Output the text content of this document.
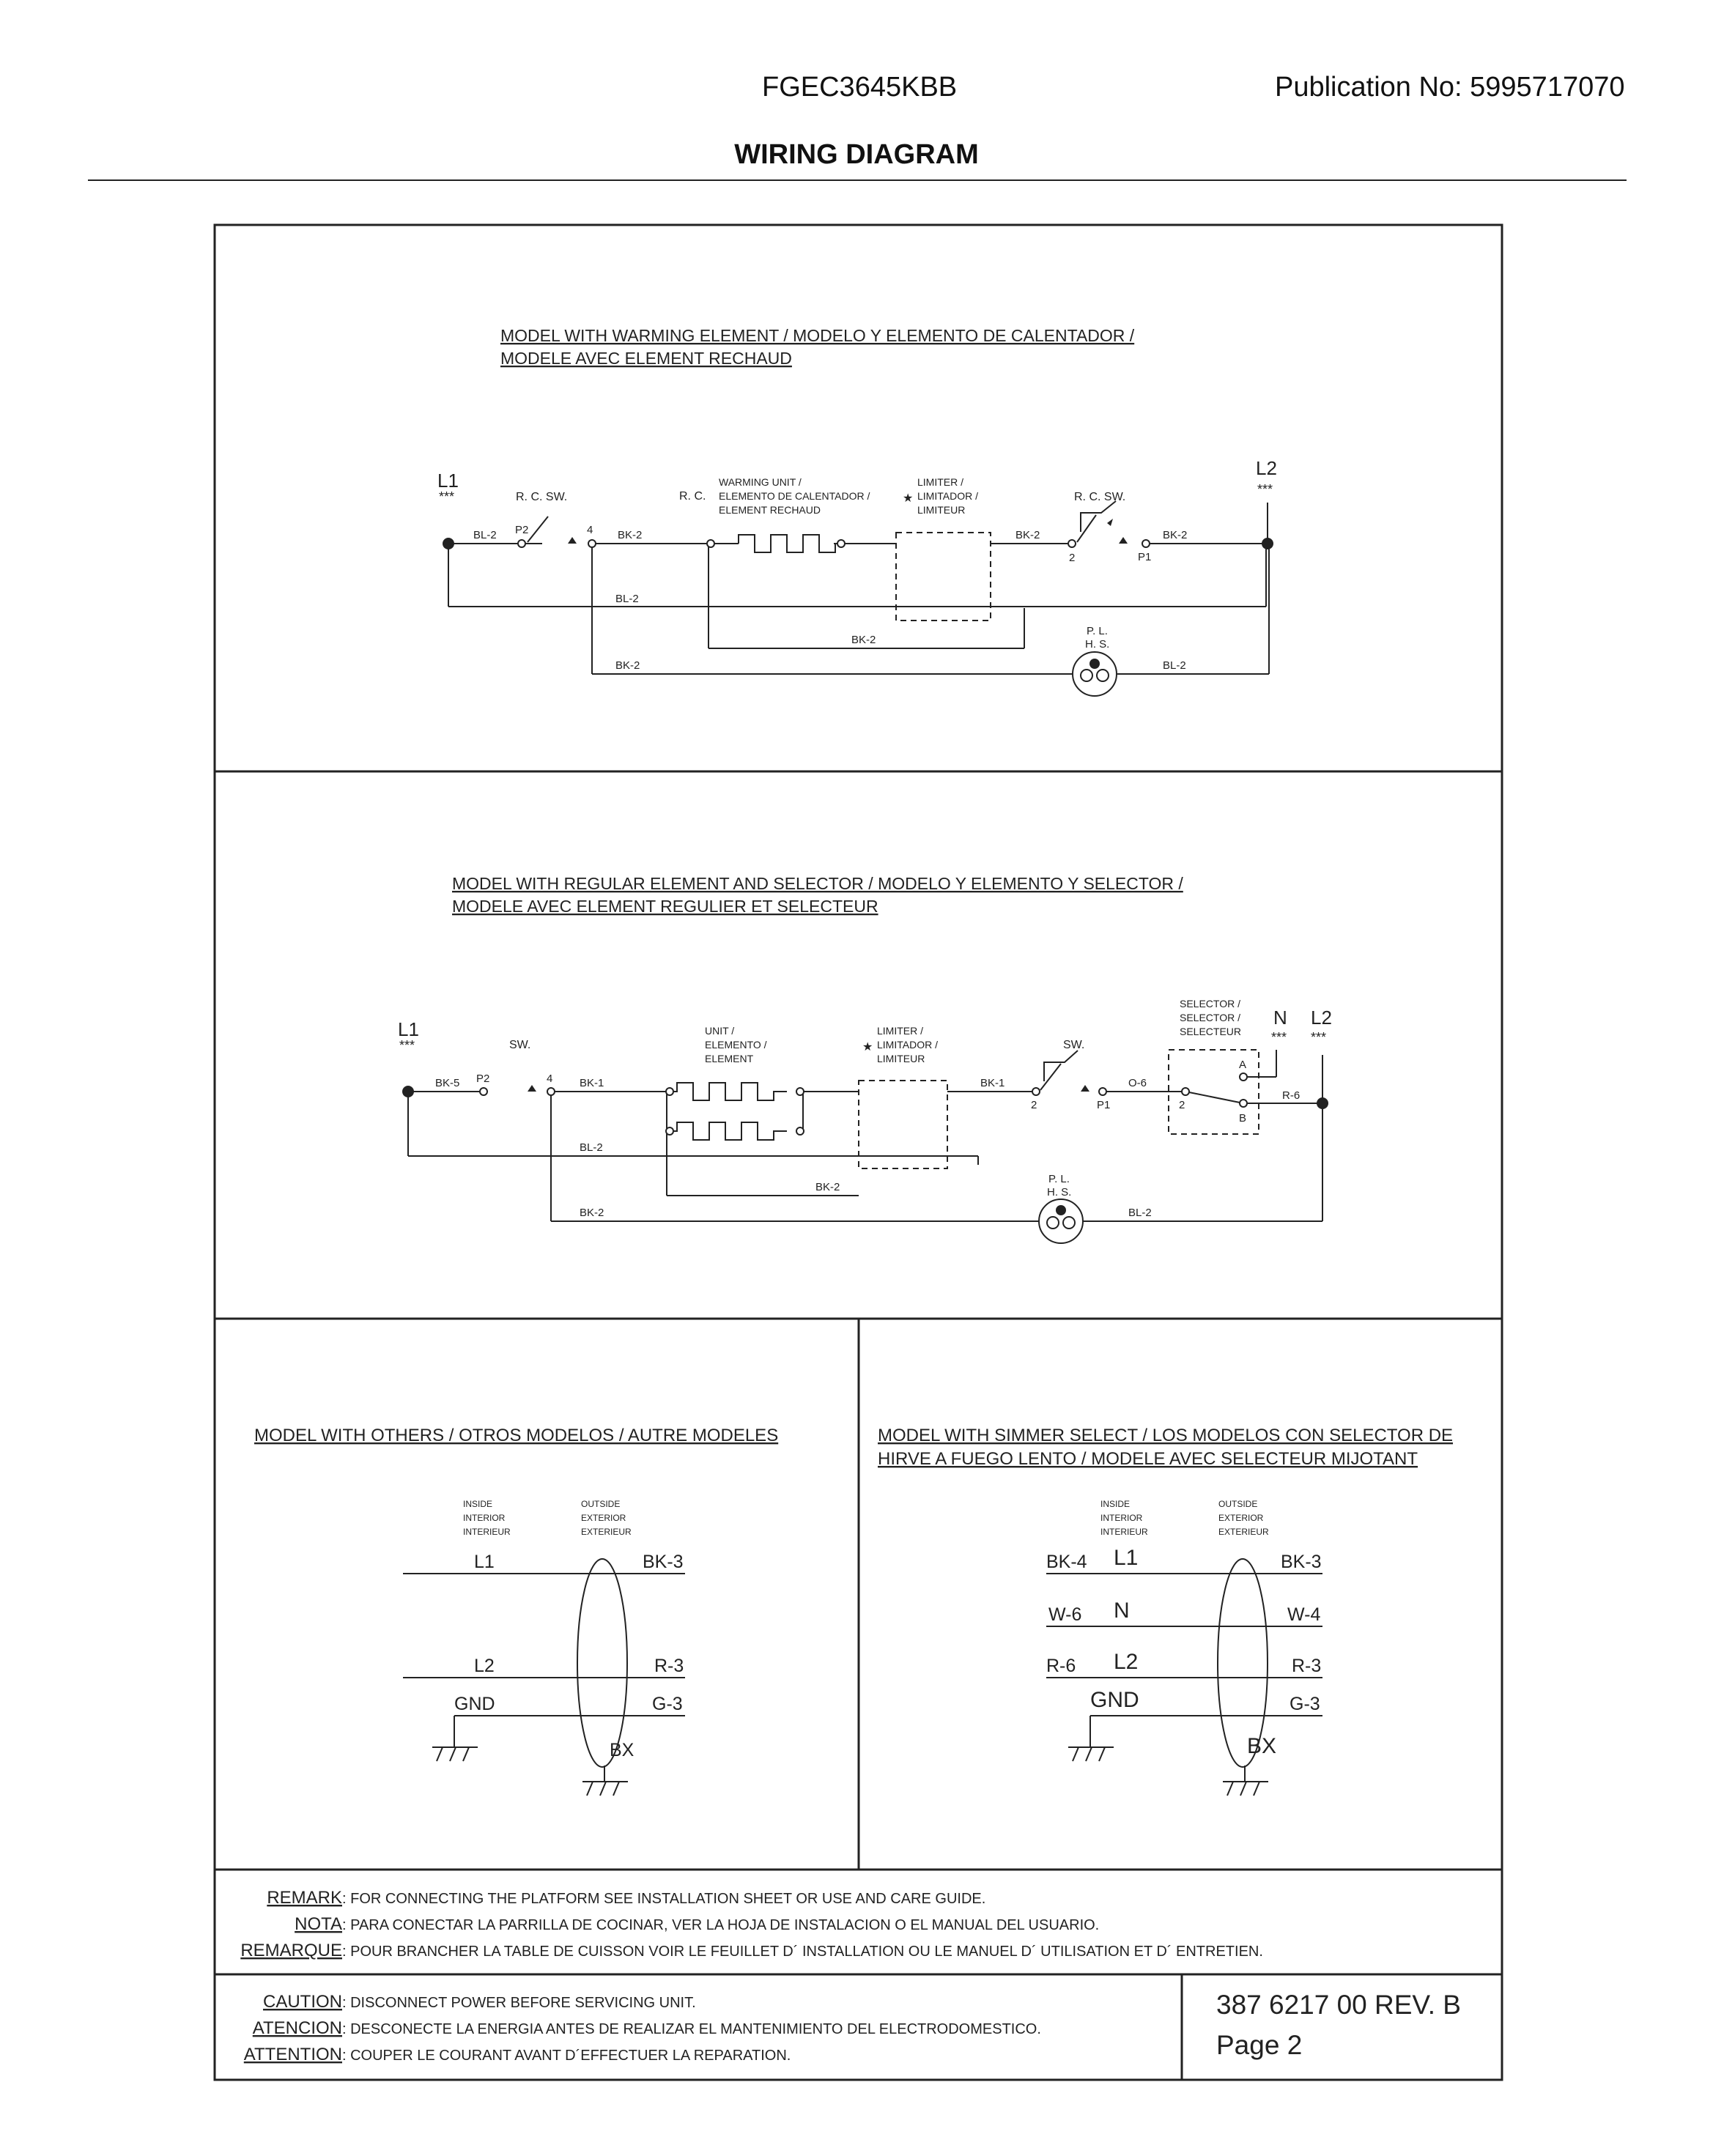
FGEC3645KBB	Publication No: 5995717070
WIRING DIAGRAM
MODEL WITH WARMING ELEMENT / MODELO Y ELEMENTO DE CALENTADOR /
MODELE AVEC ELEMENT RECHAUD
L1
***
L2
***
R. C. SW.	R. C.	R. C. SW.
P2
P1
4
2
WARMING UNIT /
ELEMENTO DE CALENTADOR /
ELEMENT RECHAUD
LIMITER /
LIMITADOR /
LIMITEUR
★
P. L.
H. S.
BL-2	BK-2	BK-2	BK-2
BL-2
BK-2
BK-2	BL-2
MODEL WITH REGULAR ELEMENT AND SELECTOR / MODELO Y ELEMENTO Y SELECTOR /
MODELE AVEC ELEMENT REGULIER ET SELECTEUR
L1
***
L2
***
N
***
SW.	SW.
P2
P1
4
2	2
A
B
UNIT /
ELEMENTO /
ELEMENT
LIMITER /
LIMITADOR /
LIMITEUR
★
SELECTOR /
SELECTOR /
SELECTEUR
P. L.
H. S.
BK-5	BK-1	BK-1	O-6
R-6
BL-2
BK-2
BK-2	BL-2
MODEL WITH OTHERS / OTROS MODELOS / AUTRE MODELES
INSIDE
INTERIOR
INTERIEUR
OUTSIDE
EXTERIOR
EXTERIEUR
L1
L2
GND
BK-3
R-3
G-3
BX
MODEL WITH SIMMER SELECT / LOS MODELOS CON SELECTOR DE
HIRVE A FUEGO LENTO / MODELE AVEC SELECTEUR MIJOTANT
INSIDE
INTERIOR
INTERIEUR
OUTSIDE
EXTERIOR
EXTERIEUR
BK-4
W-6
R-6
L1
N
L2
GND
BK-3
W-4
R-3
G-3
BX
REMARK : FOR CONNECTING THE PLATFORM SEE INSTALLATION SHEET OR USE AND CARE GUIDE.
NOTA : PARA CONECTAR LA PARRILLA DE COCINAR, VER LA HOJA DE INSTALACION O EL MANUAL DEL USUARIO.
REMARQUE : POUR BRANCHER LA TABLE DE CUISSON VOIR LE FEUILLET D´ INSTALLATION OU LE MANUEL D´ UTILISATION ET D´ ENTRETIEN.
CAUTION : DISCONNECT POWER BEFORE SERVICING UNIT.
ATENCION : DESCONECTE LA ENERGIA ANTES DE REALIZAR EL MANTENIMIENTO DEL ELECTRODOMESTICO.
ATTENTION : COUPER LE COURANT AVANT D´EFFECTUER LA REPARATION.
387 6217 00 REV. B
Page 2
